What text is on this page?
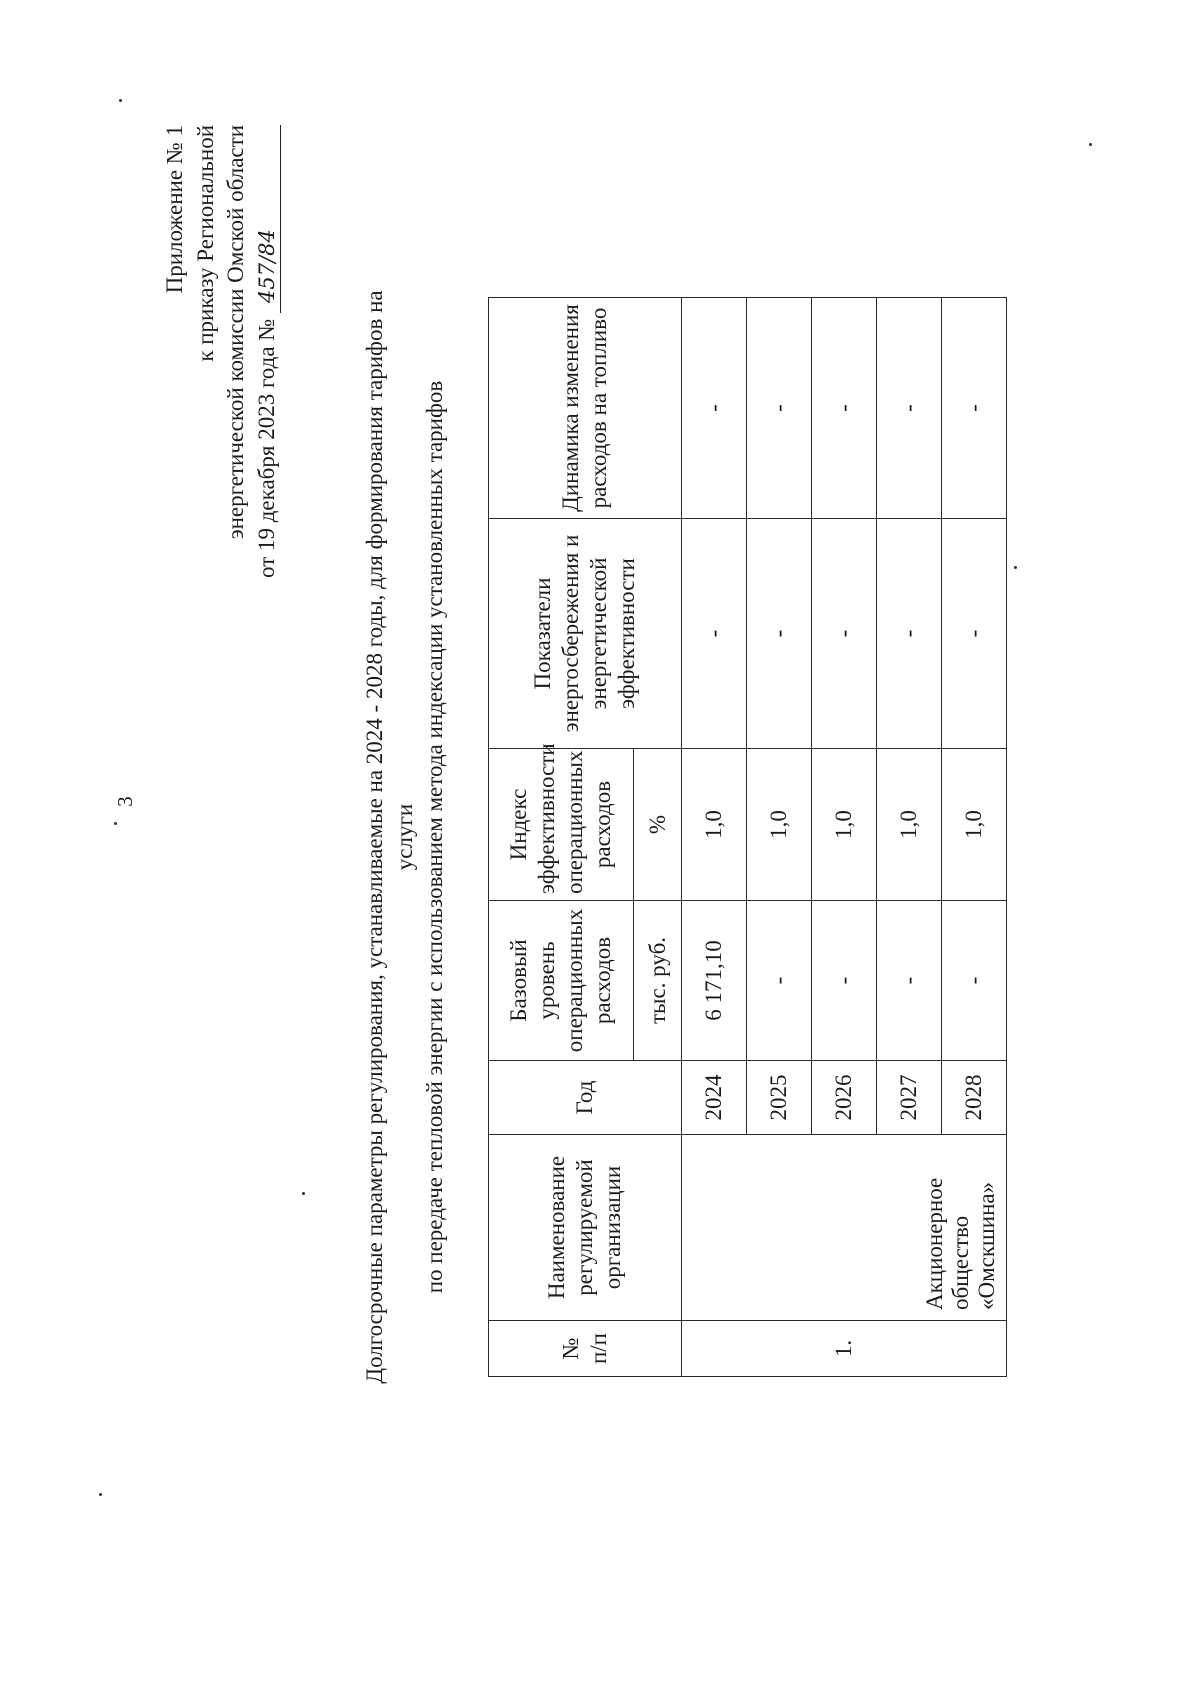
3
Приложение № 1 к приказу Региональной энергетической комиссии Омской области от 19 декабря 2023 года № 457/84
Долгосрочные параметры регулирования, устанавливаемые на 2024 - 2028 годы, для формирования тарифов на услуги по передаче тепловой энергии с использованием метода индексации установленных тарифов
№ п/п	Наименование регулируемой организации	Год	Базовый уровень операционных расходов	Индекс эффективности операционных расходов	Показатели энергосбережения и энергетической эффективности	Динамика изменения расходов на топливо
			тыс. руб.	%		
1.	Акционерное общество «Омскшина»	2024	6 171,10	1,0	-	-
		2025	-	1,0	-	-
		2026	-	1,0	-	-
		2027	-	1,0	-	-
		2028	-	1,0	-	-
